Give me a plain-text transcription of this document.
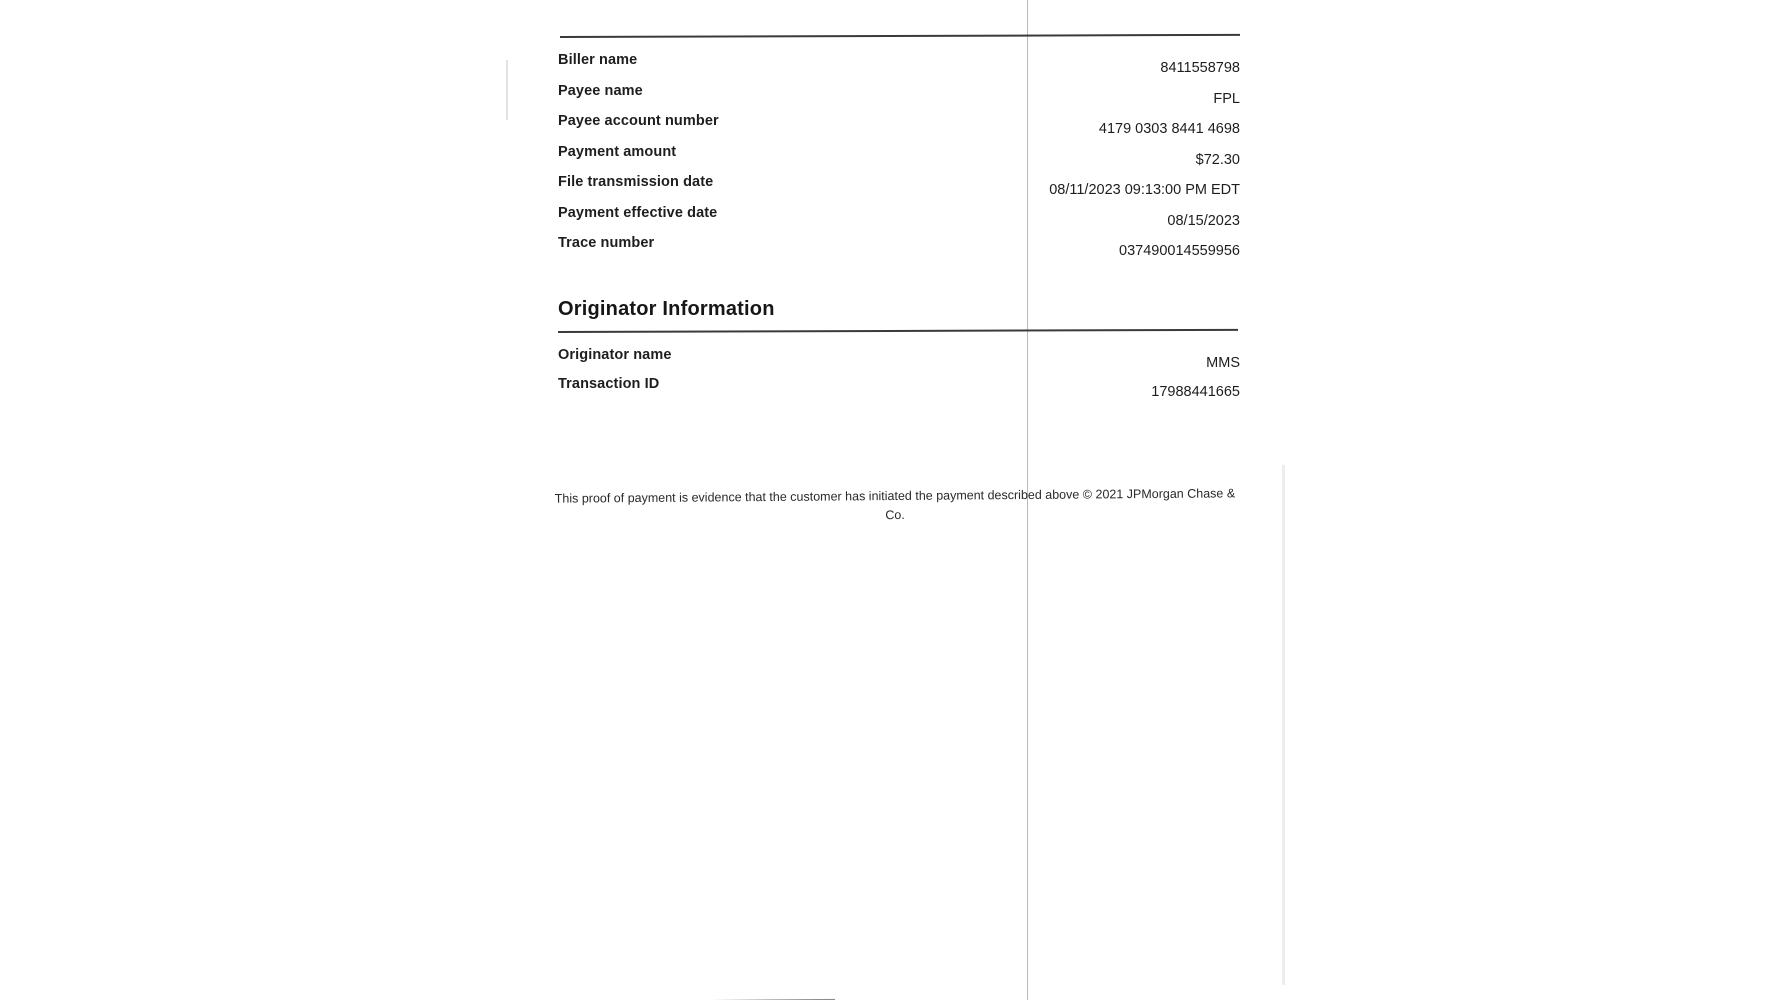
Biller name	8411558798
Payee name	FPL
Payee account number	4179 0303 8441 4698
Payment amount	$72.30
File transmission date	08/11/2023 09:13:00 PM EDT
Payment effective date	08/15/2023
Trace number	037490014559956
Originator Information
Originator name	MMS
Transaction ID	17988441665
This proof of payment is evidence that the customer has initiated the payment described above © 2021 JPMorgan Chase & Co.
